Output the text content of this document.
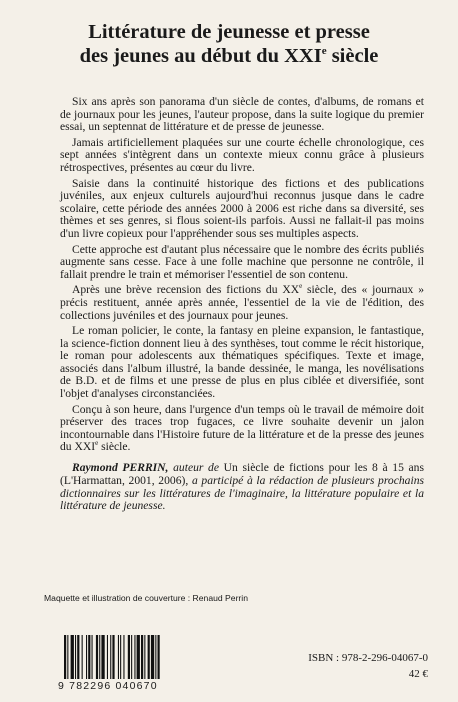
Littérature de jeunesse et presse
des jeunes au début du XXIe siècle

Six ans après son panorama d'un siècle de contes, d'albums, de romans et de journaux pour les jeunes, l'auteur propose, dans la suite logique du premier essai, un septennat de littérature et de presse de jeunesse.

Jamais artificiellement plaquées sur une courte échelle chronologique, ces sept années s'intègrent dans un contexte mieux connu grâce à plusieurs rétrospectives, présentes au cœur du livre.

Saisie dans la continuité historique des fictions et des publications juvéniles, aux enjeux culturels aujourd'hui reconnus jusque dans le cadre scolaire, cette période des années 2000 à 2006 est riche dans sa diversité, ses thèmes et ses genres, si flous soient-ils parfois. Aussi ne fallait-il pas moins d'un livre copieux pour l'appréhender sous ses multiples aspects.

Cette approche est d'autant plus nécessaire que le nombre des écrits publiés augmente sans cesse. Face à une folle machine que personne ne contrôle, il fallait prendre le train et mémoriser l'essentiel de son contenu.

Après une brève recension des fictions du XXe siècle, des « journaux » précis restituent, année après année, l'essentiel de la vie de l'édition, des collections juvéniles et des journaux pour jeunes.

Le roman policier, le conte, la fantasy en pleine expansion, le fantastique, la science-fiction donnent lieu à des synthèses, tout comme le récit historique, le roman pour adolescents aux thématiques spécifiques. Texte et image, associés dans l'album illustré, la bande dessinée, le manga, les novélisations de B.D. et de films et une presse de plus en plus ciblée et diversifiée, sont l'objet d'analyses circonstanciées.

Conçu à son heure, dans l'urgence d'un temps où le travail de mémoire doit préserver des traces trop fugaces, ce livre souhaite devenir un jalon incontournable dans l'Histoire future de la littérature et de la presse des jeunes du XXIe siècle.

Raymond PERRIN, auteur de Un siècle de fictions pour les 8 à 15 ans (L'Harmattan, 2001, 2006), a participé à la rédaction de plusieurs prochains dictionnaires sur les littératures de l'imaginaire, la littérature populaire et la littérature de jeunesse.

Maquette et illustration de couverture : Renaud Perrin
9 782296 040670
ISBN : 978-2-296-04067-0
42 €
